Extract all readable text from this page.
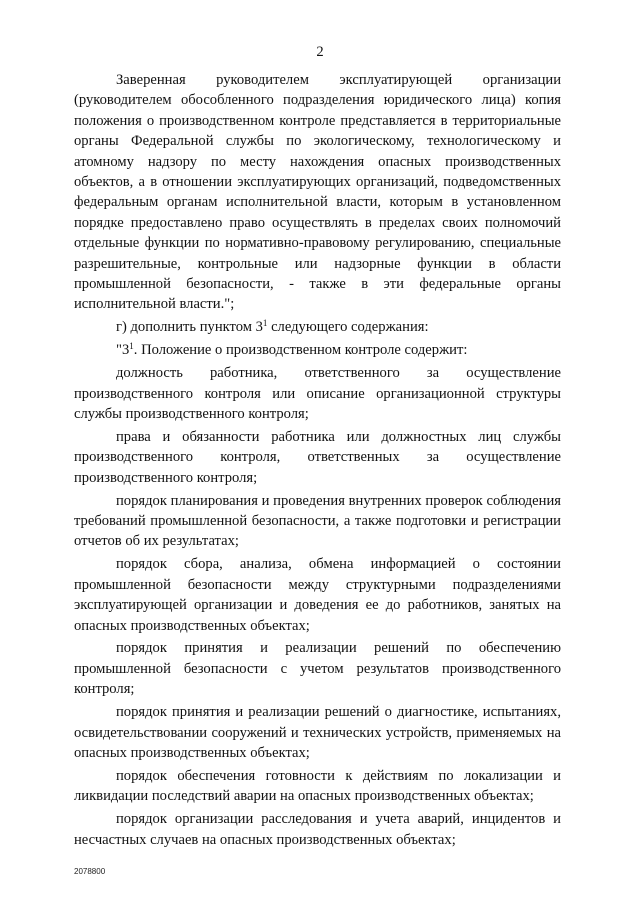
2

Заверенная руководителем эксплуатирующей организации (руководителем обособленного подразделения юридического лица) копия положения о производственном контроле представляется в территориальные органы Федеральной службы по экологическому, технологическому и атомному надзору по месту нахождения опасных производственных объектов, а в отношении эксплуатирующих организаций, подведомственных федеральным органам исполнительной власти, которым в установленном порядке предоставлено право осуществлять в пределах своих полномочий отдельные функции по нормативно-правовому регулированию, специальные разрешительные, контрольные или надзорные функции в области промышленной безопасности, - также в эти федеральные органы исполнительной власти.";

г) дополнить пунктом $3^1$ следующего содержания:

"$3^1$. Положение о производственном контроле содержит:

должность работника, ответственного за осуществление производственного контроля или описание организационной структуры службы производственного контроля;

права и обязанности работника или должностных лиц службы производственного контроля, ответственных за осуществление производственного контроля;

порядок планирования и проведения внутренних проверок соблюдения требований промышленной безопасности, а также подготовки и регистрации отчетов об их результатах;

порядок сбора, анализа, обмена информацией о состоянии промышленной безопасности между структурными подразделениями эксплуатирующей организации и доведения ее до работников, занятых на опасных производственных объектах;

порядок принятия и реализации решений по обеспечению промышленной безопасности с учетом результатов производственного контроля;

порядок принятия и реализации решений о диагностике, испытаниях, освидетельствовании сооружений и технических устройств, применяемых на опасных производственных объектах;

порядок обеспечения готовности к действиям по локализации и ликвидации последствий аварии на опасных производственных объектах;

порядок организации расследования и учета аварий, инцидентов и несчастных случаев на опасных производственных объектах;

2078800
